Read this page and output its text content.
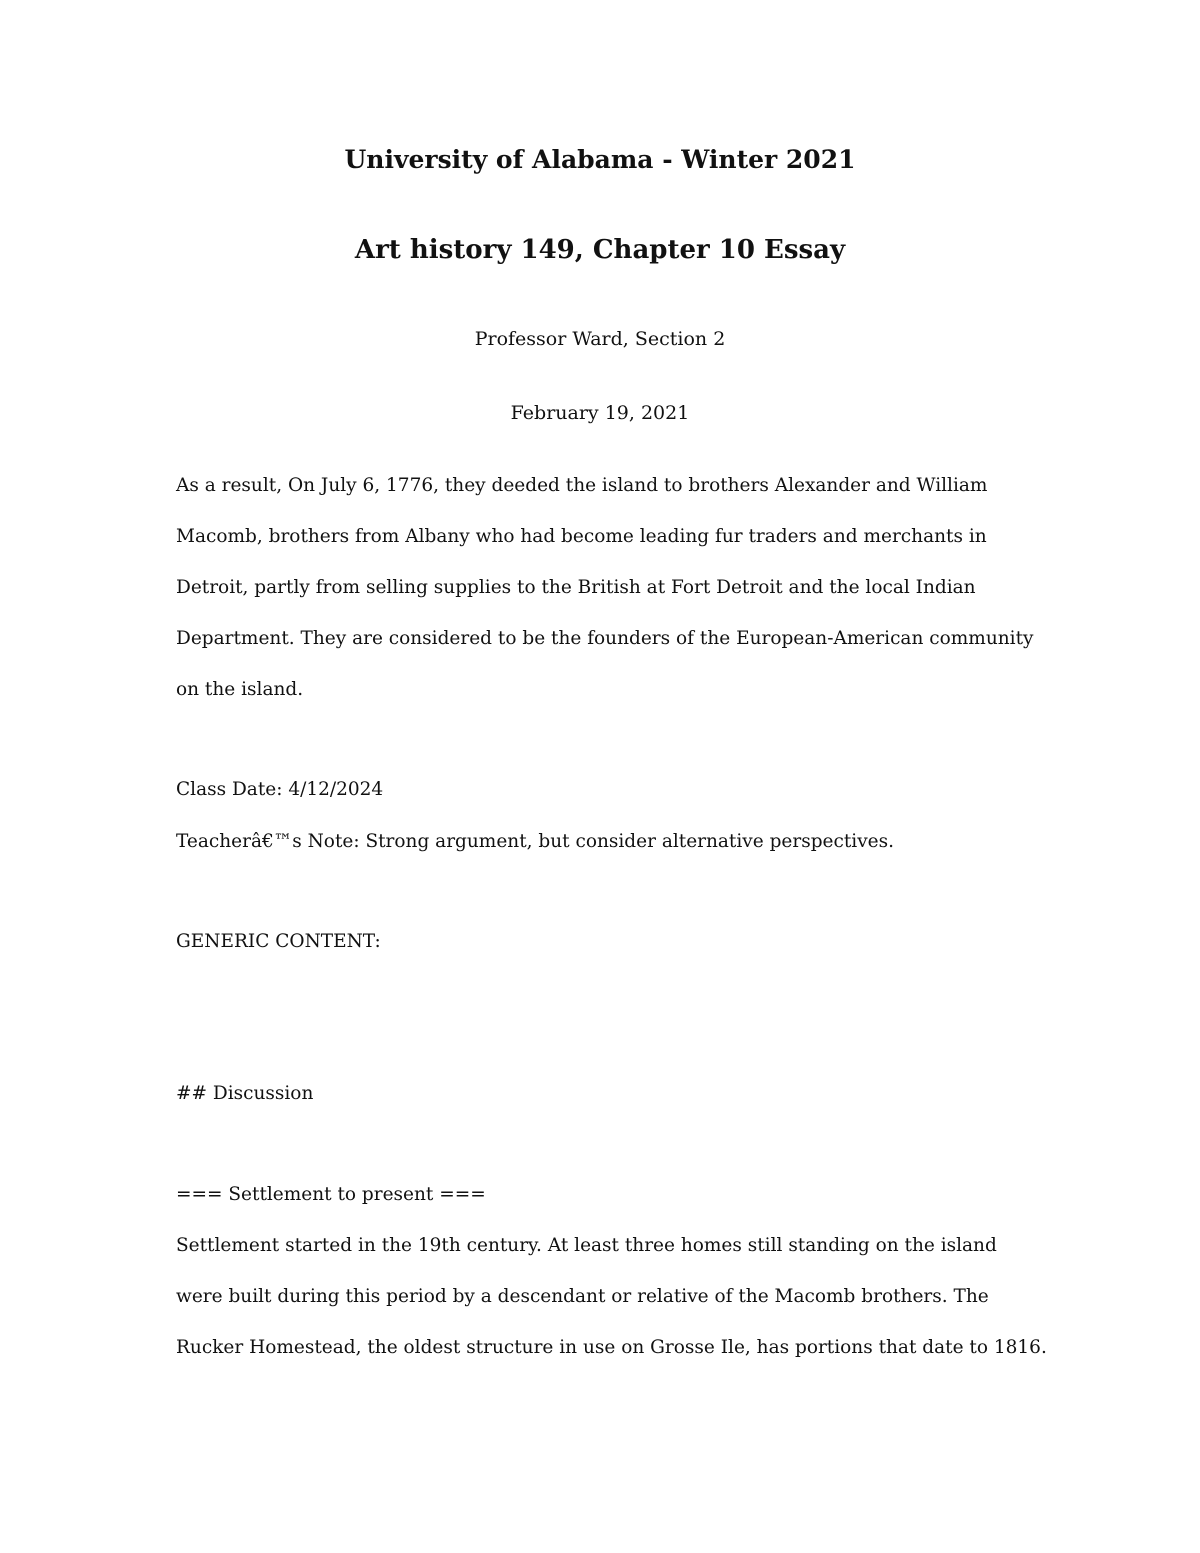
University of Alabama - Winter 2021
Art history 149, Chapter 10 Essay
Professor Ward, Section 2
February 19, 2021
As a result, On July 6, 1776, they deeded the island to brothers Alexander and William
Macomb, brothers from Albany who had become leading fur traders and merchants in
Detroit, partly from selling supplies to the British at Fort Detroit and the local Indian
Department. They are considered to be the founders of the European-American community
on the island.
Class Date: 4/12/2024
Teacherâ€™s Note: Strong argument, but consider alternative perspectives.
GENERIC CONTENT:
## Discussion
=== Settlement to present ===
Settlement started in the 19th century. At least three homes still standing on the island
were built during this period by a descendant or relative of the Macomb brothers. The
Rucker Homestead, the oldest structure in use on Grosse Ile, has portions that date to 1816.
